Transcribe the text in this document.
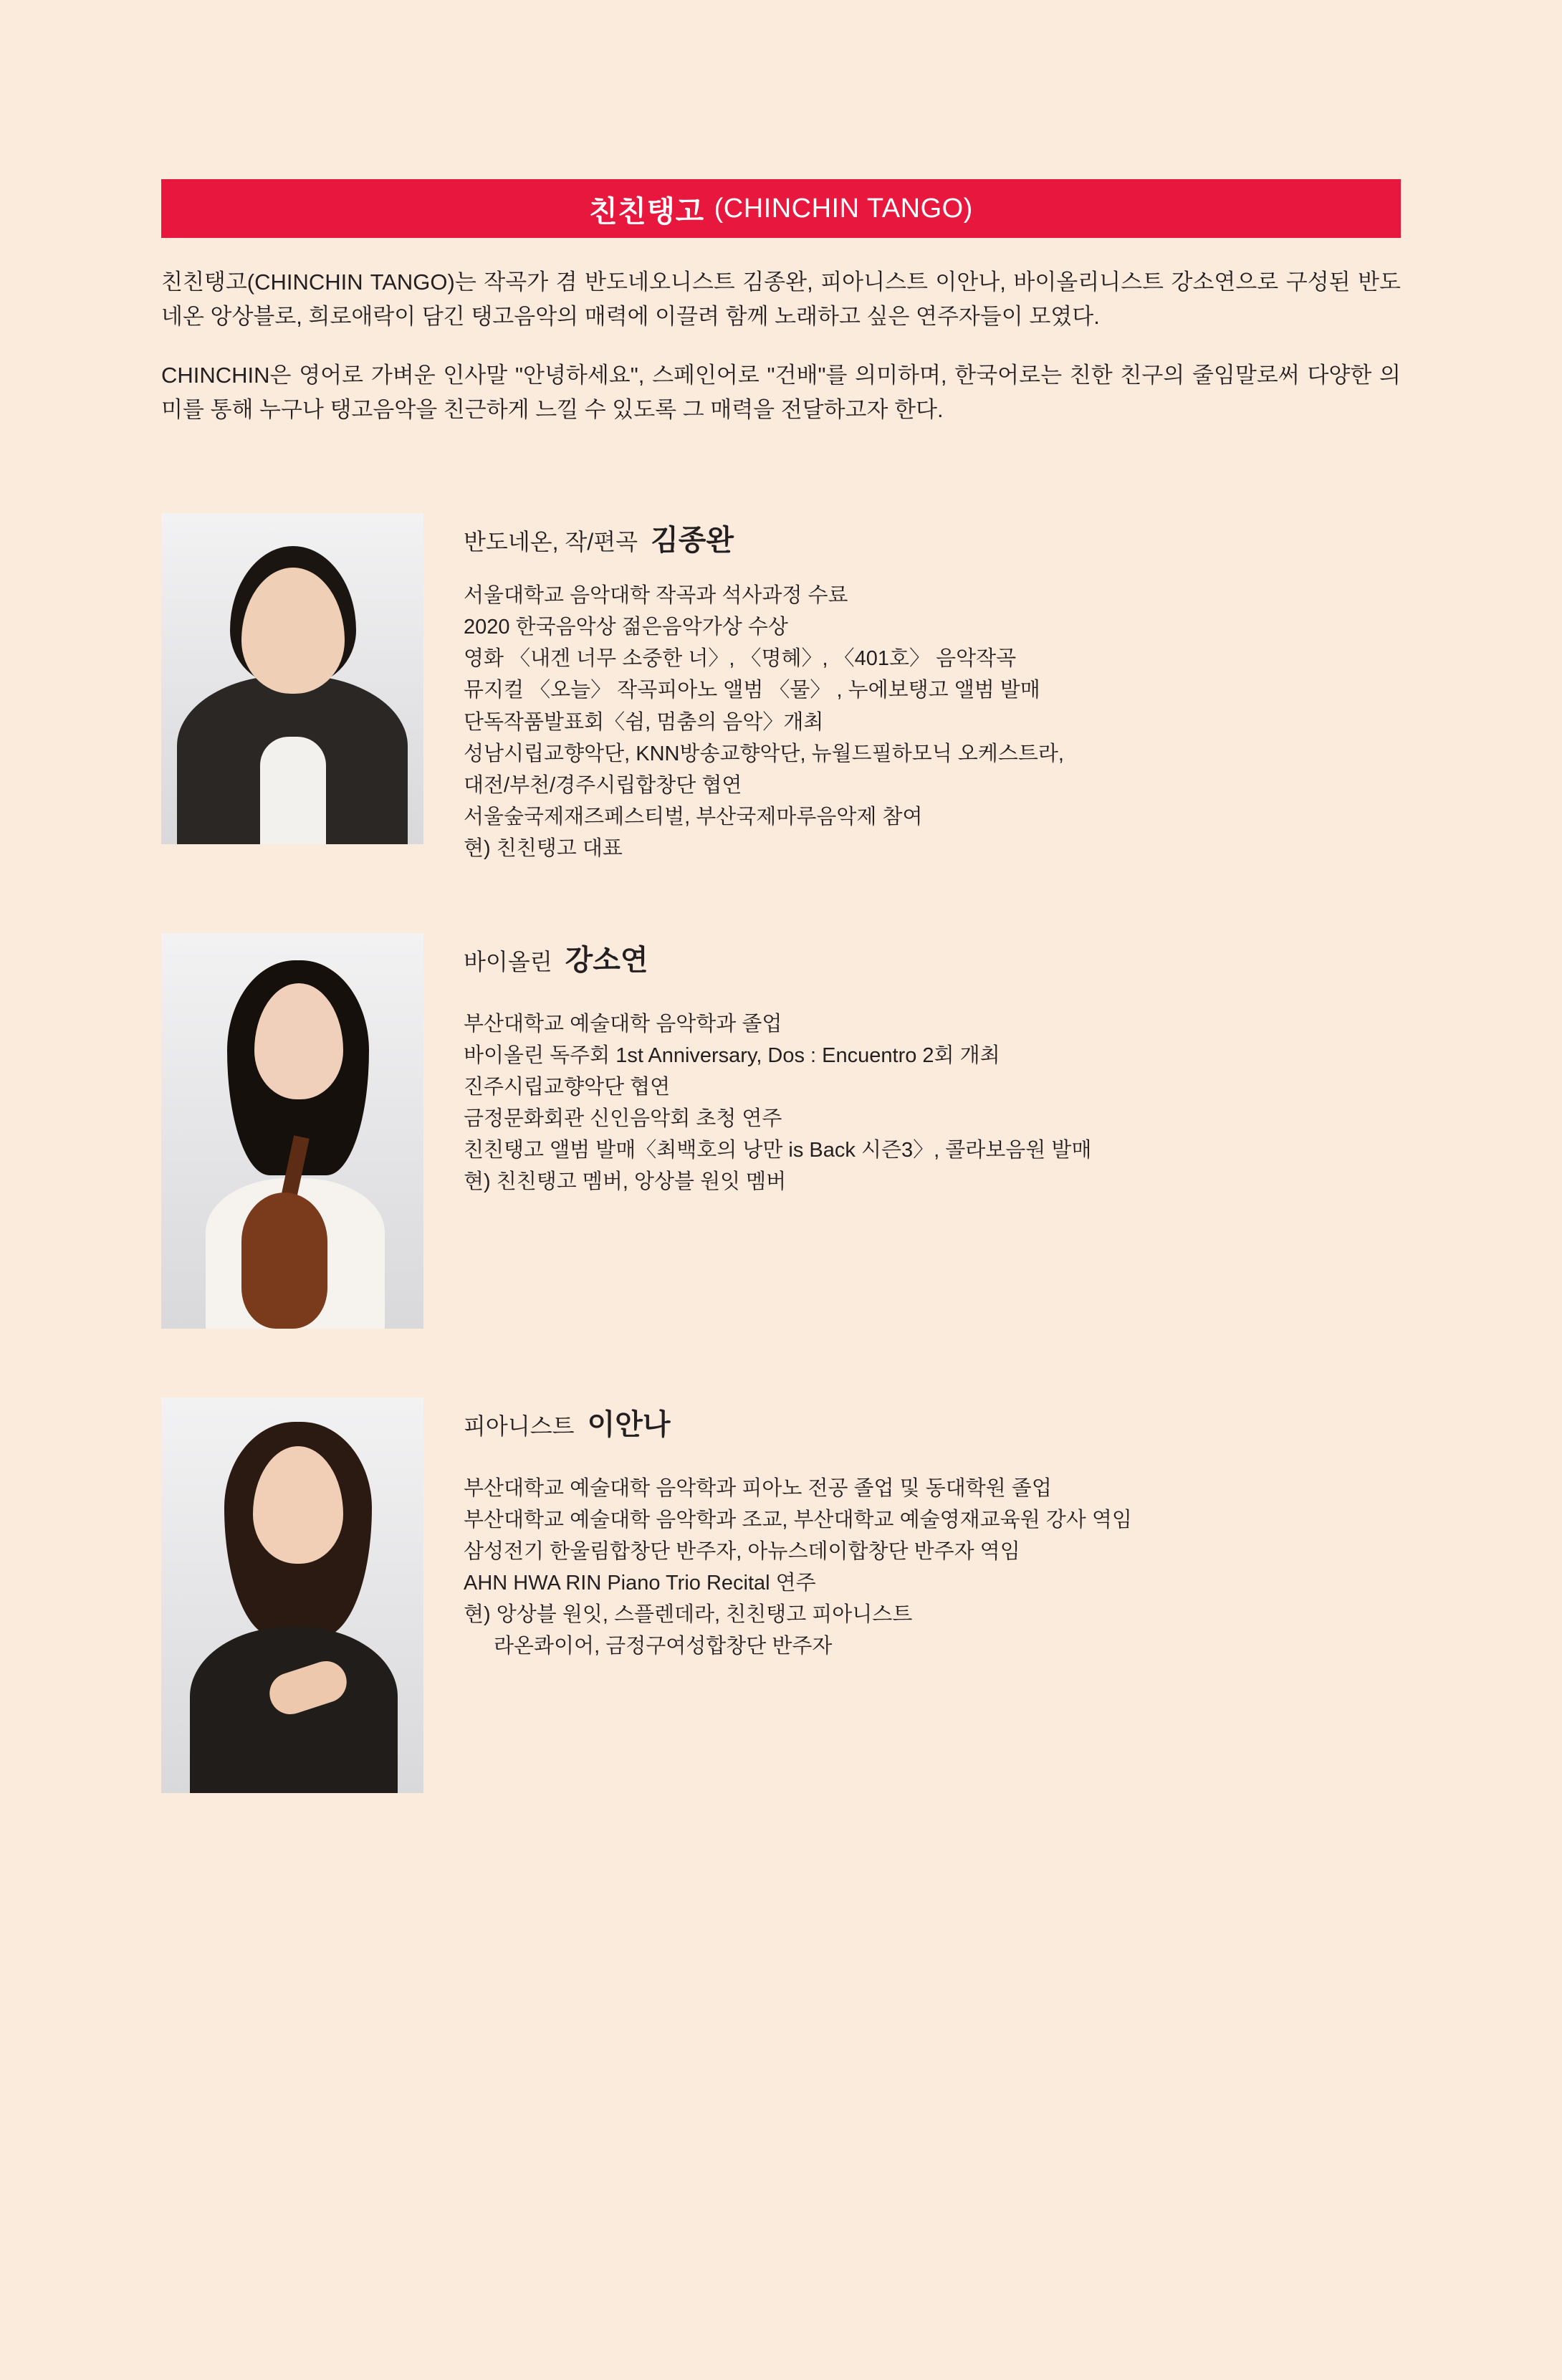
친친탱고 (CHINCHIN TANGO)

친친탱고(CHINCHIN TANGO)는 작곡가 겸 반도네오니스트 김종완, 피아니스트 이안나, 바이올리니스트 강소연으로 구성된 반도네온 앙상블로, 희로애락이 담긴 탱고음악의 매력에 이끌려 함께 노래하고 싶은 연주자들이 모였다.

CHINCHIN은 영어로 가벼운 인사말 "안녕하세요", 스페인어로 "건배"를 의미하며, 한국어로는 친한 친구의 줄임말로써 다양한 의미를 통해 누구나 탱고음악을 친근하게 느낄 수 있도록 그 매력을 전달하고자 한다.

반도네온, 작/편곡 김종완
서울대학교 음악대학 작곡과 석사과정 수료
2020 한국음악상 젊은음악가상 수상
영화 〈내겐 너무 소중한 너〉, 〈명혜〉, 〈401호〉 음악작곡
뮤지컬 〈오늘〉 작곡피아노 앨범 〈물〉 , 누에보탱고 앨범 발매
단독작품발표회〈쉼, 멈춤의 음악〉개최
성남시립교향악단, KNN방송교향악단, 뉴월드필하모닉 오케스트라,
대전/부천/경주시립합창단 협연
서울숲국제재즈페스티벌, 부산국제마루음악제 참여
현) 친친탱고 대표
바이올린 강소연
부산대학교 예술대학 음악학과 졸업
바이올린 독주회 1st Anniversary, Dos : Encuentro 2회 개최
진주시립교향악단 협연
금정문화회관 신인음악회 초청 연주
친친탱고 앨범 발매〈최백호의 낭만 is Back 시즌3〉, 콜라보음원 발매
현) 친친탱고 멤버, 앙상블 원잇 멤버
피아니스트 이안나
부산대학교 예술대학 음악학과 피아노 전공 졸업 및 동대학원 졸업
부산대학교 예술대학 음악학과 조교, 부산대학교 예술영재교육원 강사 역임
삼성전기 한울림합창단 반주자, 아뉴스데이합창단 반주자 역임
AHN HWA RIN Piano Trio Recital 연주
현) 앙상블 원잇, 스플렌데라, 친친탱고 피아니스트
라온콰이어, 금정구여성합창단 반주자
